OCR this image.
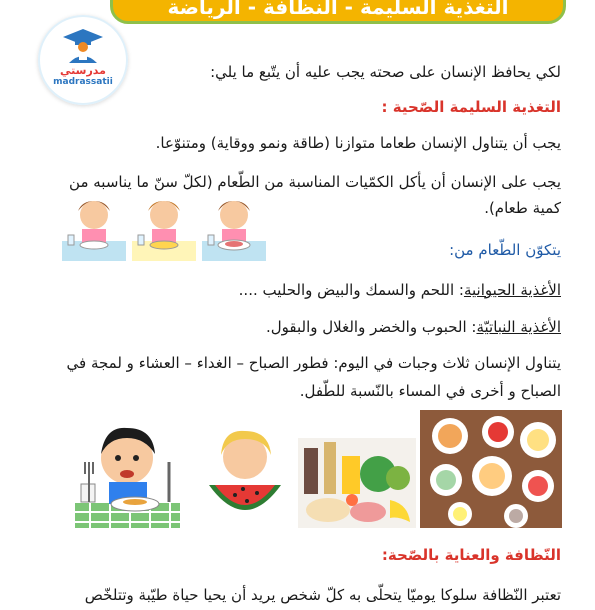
التغذية السليمة - النظافة - الرياضة
مدرستي
madrassatii
لكي يحافظ الإنسان على صحته يجب عليه أن يتّبع ما يلي:
التغذية السليمة الصّحية :
يجب أن يتناول الإنسان طعاما متوازنا (طاقة ونمو ووقاية) ومتنوّعا.
يجب على الإنسان أن يأكل الكمّيات المناسبة من الطّعام (لكلّ سنّ ما يناسبه من
كمية طعام).
يتكوّن الطّعام من:
الأغذية الحيوانية: اللحم والسمك والبيض والحليب ....
الأغذية النباتيّة: الحبوب والخضر والغلال والبقول.
يتناول الإنسان ثلاث وجبات في اليوم: فطور الصباح – الغداء – العشاء و لمجة في
الصباح و أخرى في المساء بالنّسبة للطّفل.
النّظافة والعناية بالصّحة:
تعتبر النّظافة سلوكا يوميّا يتحلّى به كلّ شخص يريد أن يحيا حياة طيّبة وتتلخّص
